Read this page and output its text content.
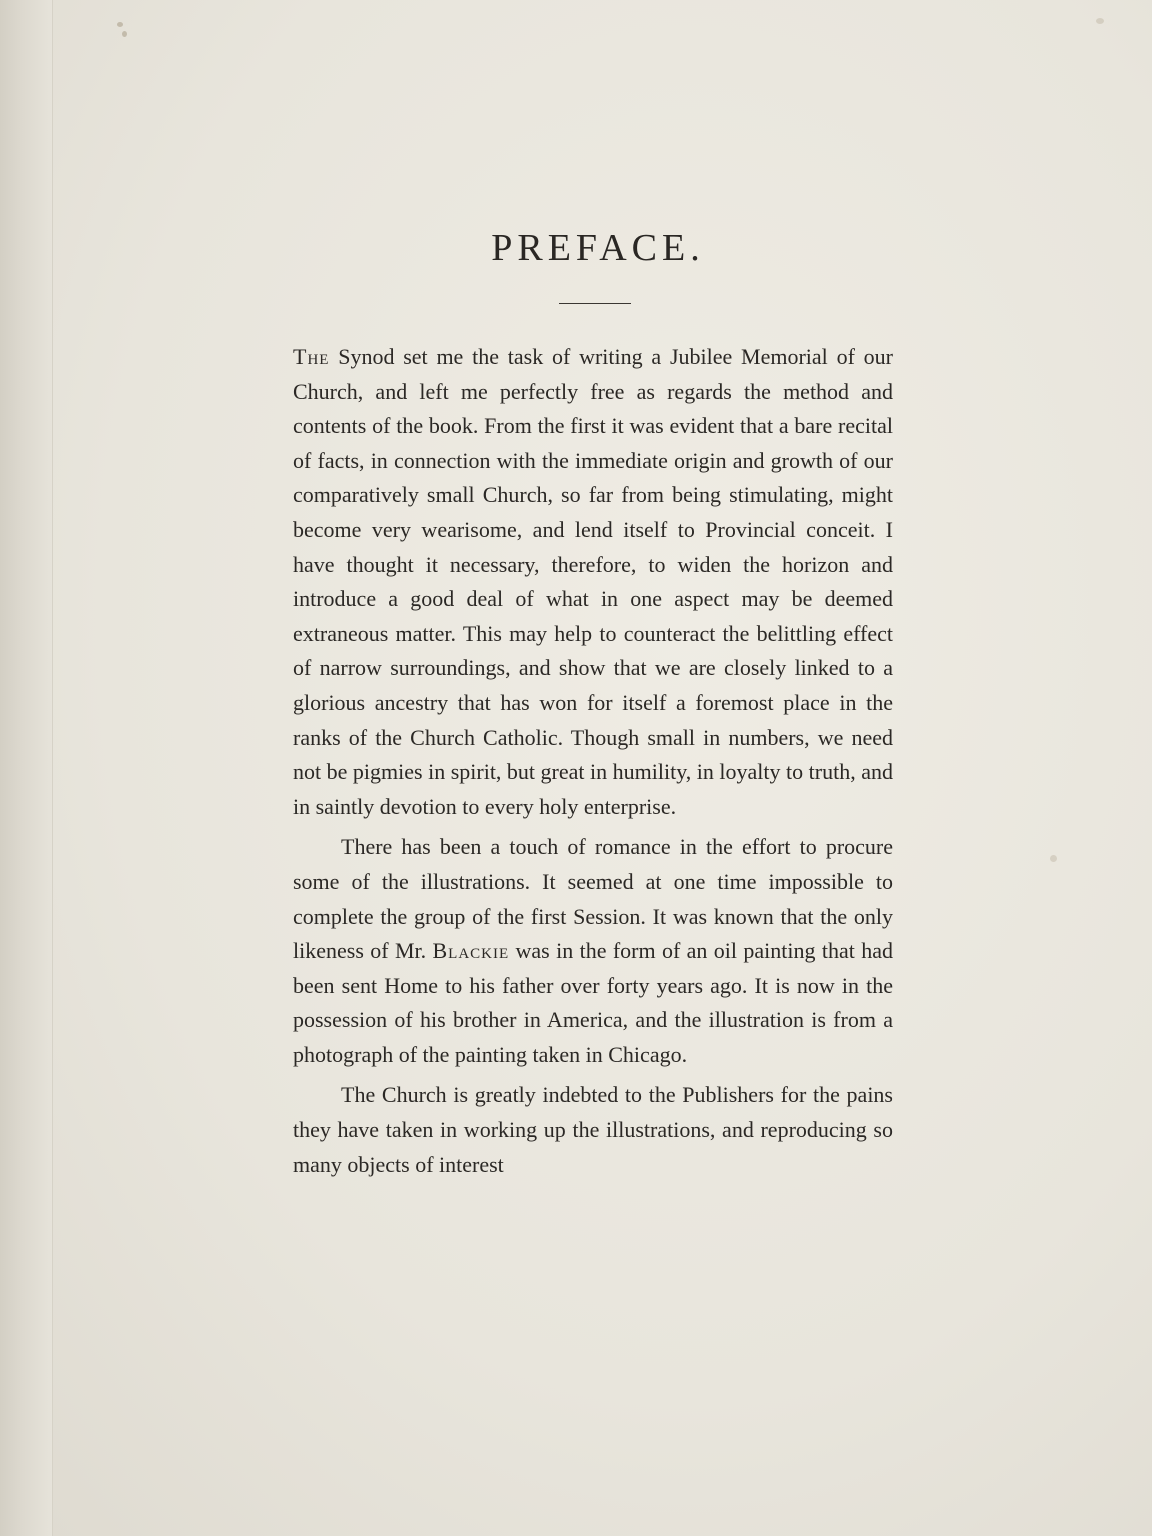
PREFACE.

The Synod set me the task of writing a Jubilee Memorial of our Church, and left me perfectly free as regards the method and contents of the book. From the first it was evident that a bare recital of facts, in connection with the immediate origin and growth of our comparatively small Church, so far from being stimulating, might become very wearisome, and lend itself to Provincial conceit. I have thought it necessary, therefore, to widen the horizon and introduce a good deal of what in one aspect may be deemed extraneous matter. This may help to counteract the belittling effect of narrow surroundings, and show that we are closely linked to a glorious ancestry that has won for itself a foremost place in the ranks of the Church Catholic. Though small in numbers, we need not be pigmies in spirit, but great in humility, in loyalty to truth, and in saintly devotion to every holy enterprise.

There has been a touch of romance in the effort to procure some of the illustrations. It seemed at one time impossible to complete the group of the first Session. It was known that the only likeness of Mr. Blackie was in the form of an oil painting that had been sent Home to his father over forty years ago. It is now in the possession of his brother in America, and the illustration is from a photograph of the painting taken in Chicago.

The Church is greatly indebted to the Publishers for the pains they have taken in working up the illustrations, and reproducing so many objects of interest
